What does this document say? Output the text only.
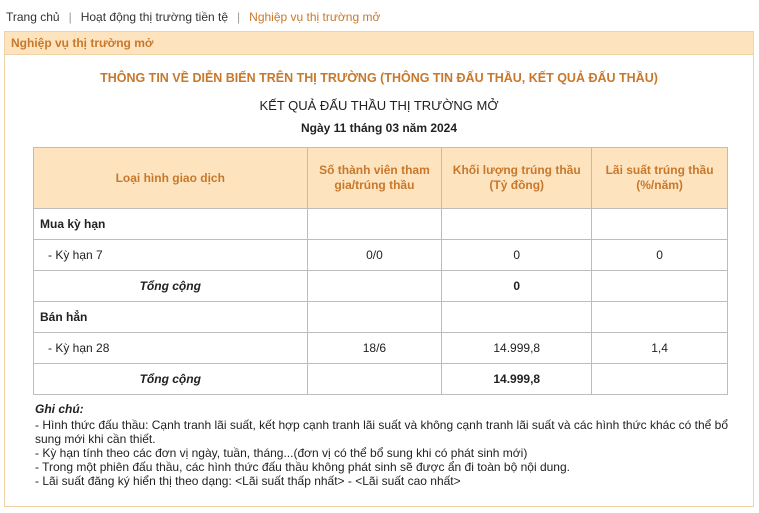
Trang chủ | Hoạt động thị trường tiền tệ | Nghiệp vụ thị trường mở
Nghiệp vụ thị trường mở
THÔNG TIN VỀ DIỄN BIẾN TRÊN THỊ TRƯỜNG (THÔNG TIN ĐẤU THẦU, KẾT QUẢ ĐẤU THẦU)
KẾT QUẢ ĐẤU THẦU THỊ TRƯỜNG MỞ
Ngày 11 tháng 03 năm 2024
Loại hình giao dịch	Số thành viên tham gia/trúng thầu	Khối lượng trúng thầu (Tỷ đồng)	Lãi suất trúng thầu (%/năm)
Mua kỳ hạn			
- Kỳ hạn 7	0/0	0	0
Tổng cộng		0	
Bán hẳn			
- Kỳ hạn 28	18/6	14.999,8	1,4
Tổng cộng		14.999,8	
Ghi chú:
- Hình thức đấu thầu: Cạnh tranh lãi suất, kết hợp cạnh tranh lãi suất và không cạnh tranh lãi suất và các hình thức khác có thể bổ sung mới khi cần thiết.
- Kỳ hạn tính theo các đơn vị ngày, tuần, tháng...(đơn vị có thể bổ sung khi có phát sinh mới)
- Trong một phiên đấu thầu, các hình thức đấu thầu không phát sinh sẽ được ẩn đi toàn bộ nội dung.
- Lãi suất đăng ký hiển thị theo dạng: <Lãi suất thấp nhất> - <Lãi suất cao nhất>
